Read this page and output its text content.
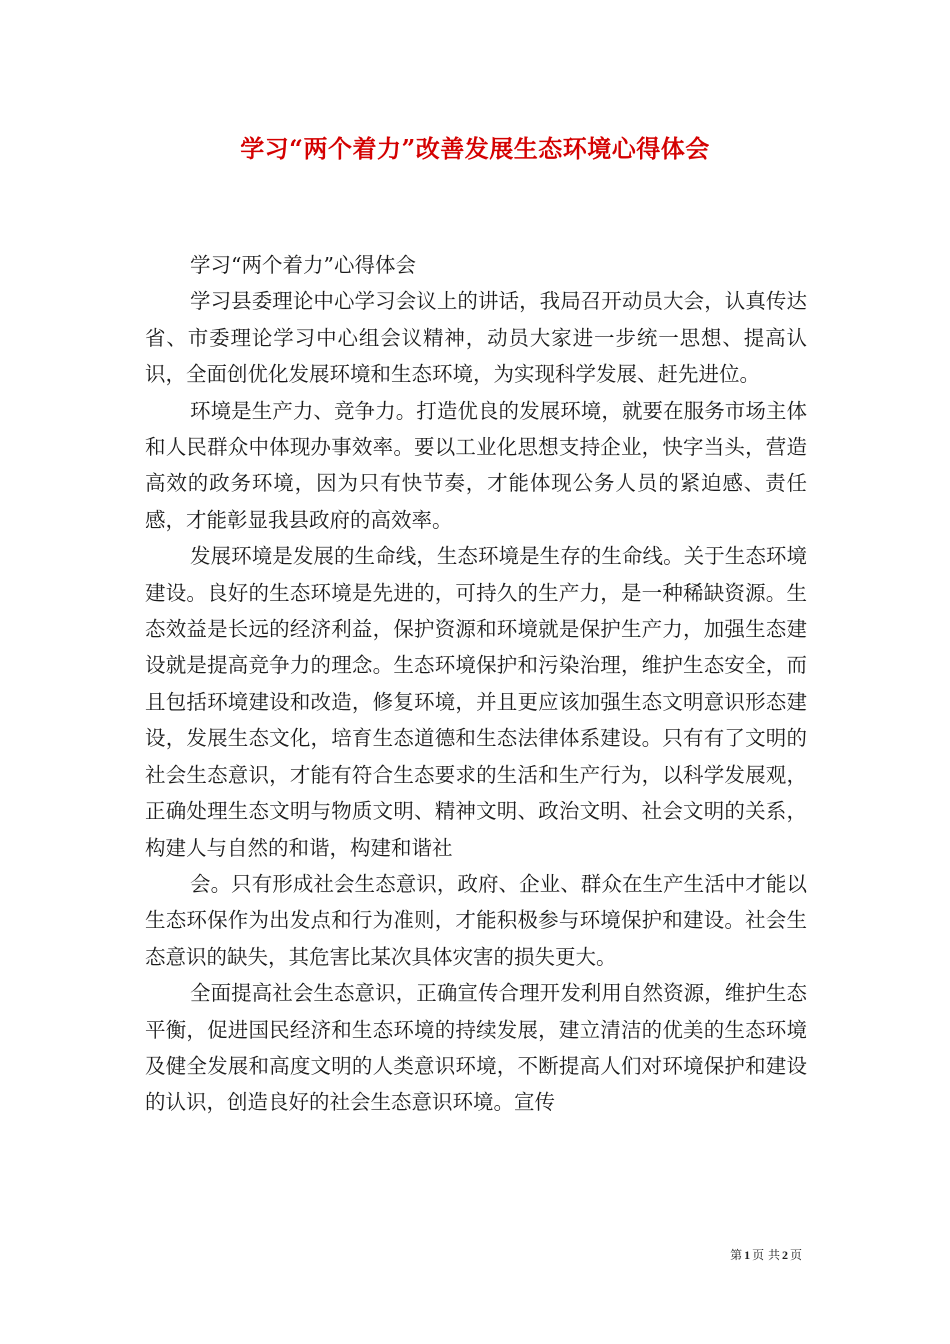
学习“两个着力”改善发展生态环境心得体会

学习“两个着力”心得体会

学习县委理论中心学习会议上的讲话，我局召开动员大会，认真传达省、市委理论学习中心组会议精神，动员大家进一步统一思想、提高认识，全面创优化发展环境和生态环境，为实现科学发展、赶先进位。

环境是生产力、竞争力。打造优良的发展环境，就要在服务市场主体和人民群众中体现办事效率。要以工业化思想支持企业，快字当头，营造高效的政务环境，因为只有快节奏，才能体现公务人员的紧迫感、责任感，才能彰显我县政府的高效率。

发展环境是发展的生命线，生态环境是生存的生命线。关于生态环境建设。良好的生态环境是先进的，可持久的生产力，是一种稀缺资源。生态效益是长远的经济利益，保护资源和环境就是保护生产力，加强生态建设就是提高竞争力的理念。生态环境保护和污染治理，维护生态安全，而且包括环境建设和改造，修复环境，并且更应该加强生态文明意识形态建设，发展生态文化，培育生态道德和生态法律体系建设。只有有了文明的社会生态意识，才能有符合生态要求的生活和生产行为，以科学发展观，正确处理生态文明与物质文明、精神文明、政治文明、社会文明的关系，构建人与自然的和谐，构建和谐社

会。只有形成社会生态意识，政府、企业、群众在生产生活中才能以生态环保作为出发点和行为准则，才能积极参与环境保护和建设。社会生态意识的缺失，其危害比某次具体灾害的损失更大。

全面提高社会生态意识，正确宣传合理开发利用自然资源，维护生态平衡，促进国民经济和生态环境的持续发展，建立清洁的优美的生态环境及健全发展和高度文明的人类意识环境，不断提高人们对环境保护和建设的认识，创造良好的社会生态意识环境。宣传

第 1 页 共 2 页
